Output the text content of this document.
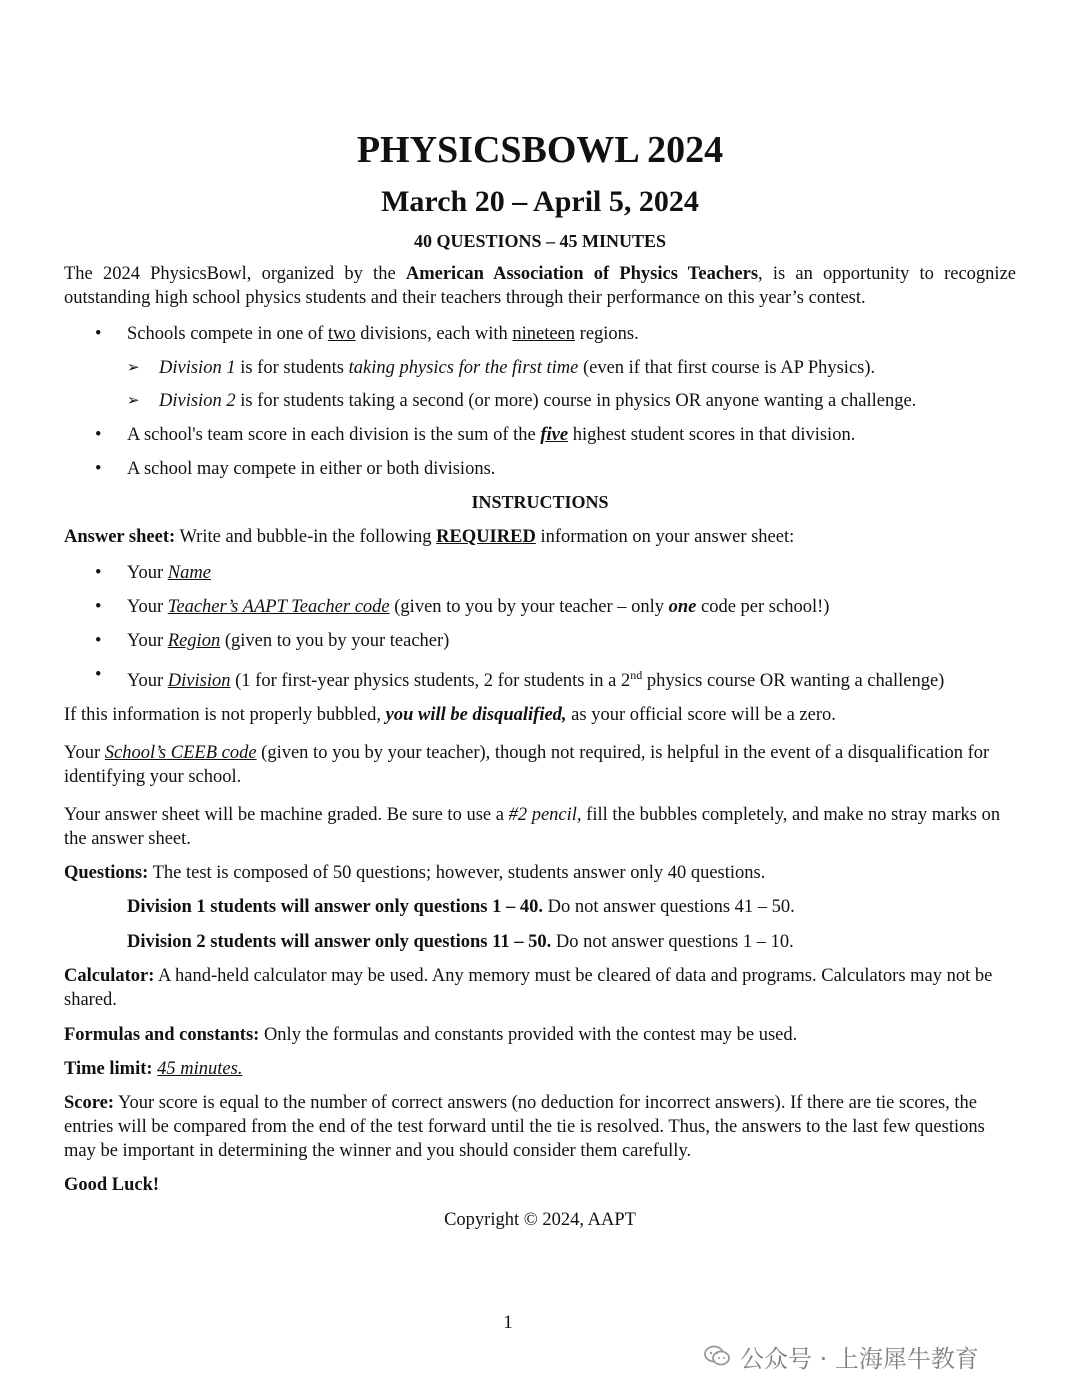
PHYSICSBOWL 2024
March 20 – April 5, 2024
40 QUESTIONS – 45 MINUTES

The 2024 PhysicsBowl, organized by the American Association of Physics Teachers, is an opportunity to recognize outstanding high school physics students and their teachers through their performance on this year’s contest.

• Schools compete in one of two divisions, each with nineteen regions.
➢ Division 1 is for students taking physics for the first time (even if that first course is AP Physics).
➢ Division 2 is for students taking a second (or more) course in physics OR anyone wanting a challenge.
• A school's team score in each division is the sum of the five highest student scores in that division.
• A school may compete in either or both divisions.
INSTRUCTIONS

Answer sheet: Write and bubble-in the following REQUIRED information on your answer sheet:

• Your Name
• Your Teacher’s AAPT Teacher code (given to you by your teacher – only one code per school!)
• Your Region (given to you by your teacher)
• Your Division (1 for first-year physics students, 2 for students in a 2nd physics course OR wanting a challenge)

If this information is not properly bubbled, you will be disqualified, as your official score will be a zero.

Your School’s CEEB code (given to you by your teacher), though not required, is helpful in the event of a disqualification for identifying your school.

Your answer sheet will be machine graded. Be sure to use a #2 pencil, fill the bubbles completely, and make no stray marks on the answer sheet.

Questions: The test is composed of 50 questions; however, students answer only 40 questions.

Division 1 students will answer only questions 1 – 40. Do not answer questions 41 – 50.

Division 2 students will answer only questions 11 – 50. Do not answer questions 1 – 10.

Calculator: A hand-held calculator may be used. Any memory must be cleared of data and programs. Calculators may not be shared.

Formulas and constants: Only the formulas and constants provided with the contest may be used.

Time limit: 45 minutes.

Score: Your score is equal to the number of correct answers (no deduction for incorrect answers). If there are tie scores, the entries will be compared from the end of the test forward until the tie is resolved. Thus, the answers to the last few questions may be important in determining the winner and you should consider them carefully.

Good Luck!

Copyright © 2024, AAPT
1
公众号 · 上海犀牛教育
